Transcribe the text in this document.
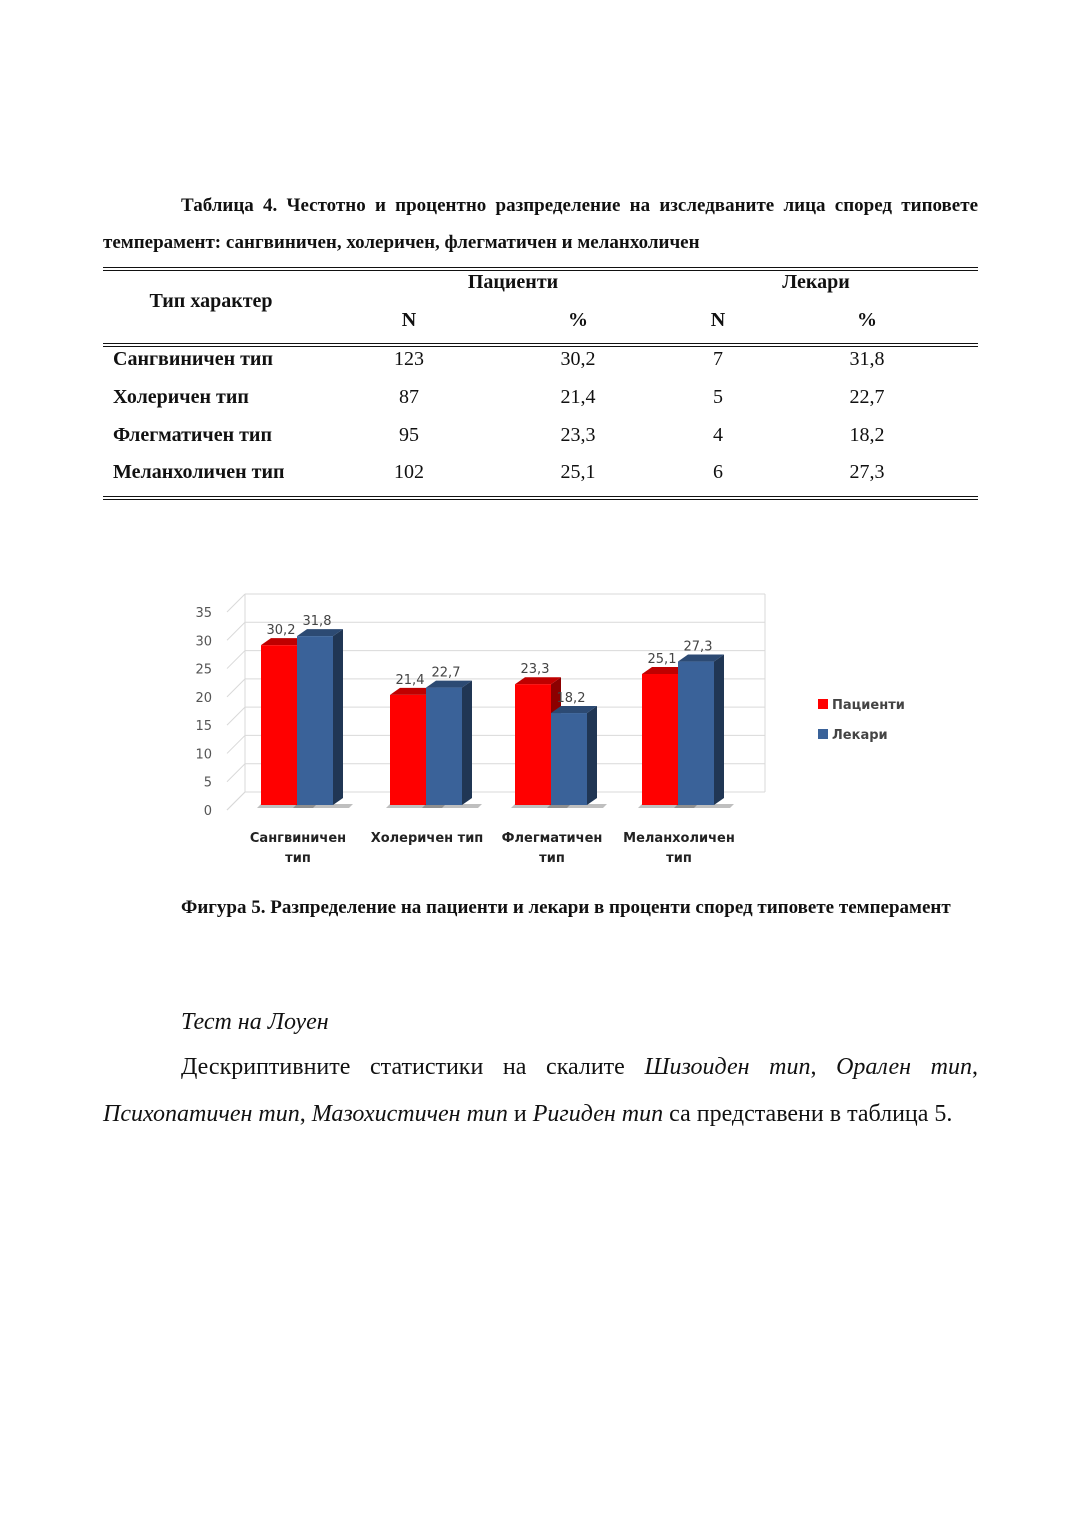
Таблица 4. Честотно и процентно разпределение на изследваните лица според типовете темперамент: сангвиничен, холеричен, флегматичен и меланхоличен

Тип характер
Пациенти	Лекари
N	%	N	%
Сангвиничен тип	123	30,2	7	31,8
Холеричен тип	87	21,4	5	22,7
Флегматичен тип	95	23,3	4	18,2
Меланхоличен тип	102	25,1	6	27,3
0
5
10
15
20
25
30
35
30,2
31,8
Сангвиничен
тип
21,4 22,7
Холеричен тип
23,3
18,2
Флегматичен
тип
25,1
27,3
Меланхоличен
тип
Пациенти
Лекари

Фигура 5. Разпределение на пациенти и лекари в проценти според типовете темперамент

Тест на Лоуен

Дескриптивните статистики на скалите Шизоиден тип, Орален тип, Психопатичен тип, Мазохистичен тип и Ригиден тип са представени в таблица 5.
